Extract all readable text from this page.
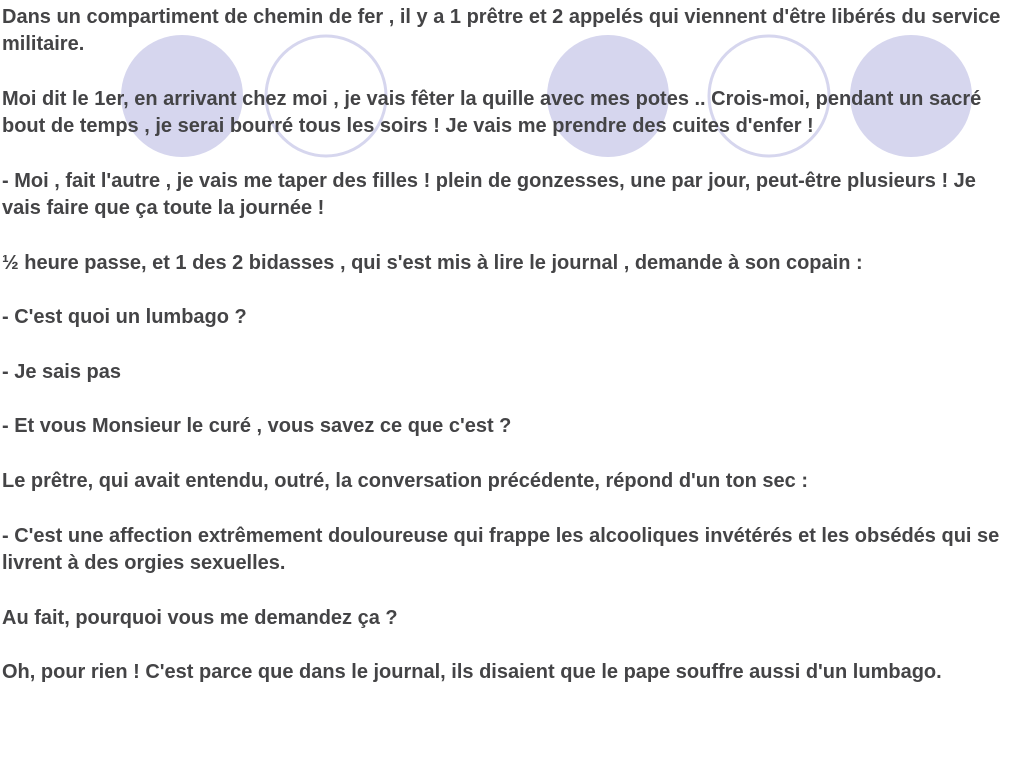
Dans un compartiment de chemin de fer , il y a 1 prêtre et 2 appelés qui viennent d'être libérés du service militaire.

Moi dit le 1er, en arrivant chez moi , je vais fêter la quille avec mes potes .. Crois-moi, pendant un sacré bout de temps , je serai bourré tous les soirs ! Je vais me prendre des cuites d'enfer !

- Moi , fait l'autre , je vais me taper des filles ! plein de gonzesses, une par jour, peut-être plusieurs ! Je vais faire que ça toute la journée !

½ heure passe, et 1 des 2 bidasses , qui s'est mis à lire le journal , demande à son copain :

- C'est quoi un lumbago ?

- Je sais pas

- Et vous Monsieur le curé , vous savez ce que c'est ?

Le prêtre, qui avait entendu, outré, la conversation précédente, répond d'un ton sec :

- C'est une affection extrêmement douloureuse qui frappe les alcooliques invétérés et les obsédés qui se livrent à des orgies sexuelles.

Au fait, pourquoi vous me demandez ça ?

Oh, pour rien ! C'est parce que dans le journal, ils disaient que le pape souffre aussi d'un lumbago.
